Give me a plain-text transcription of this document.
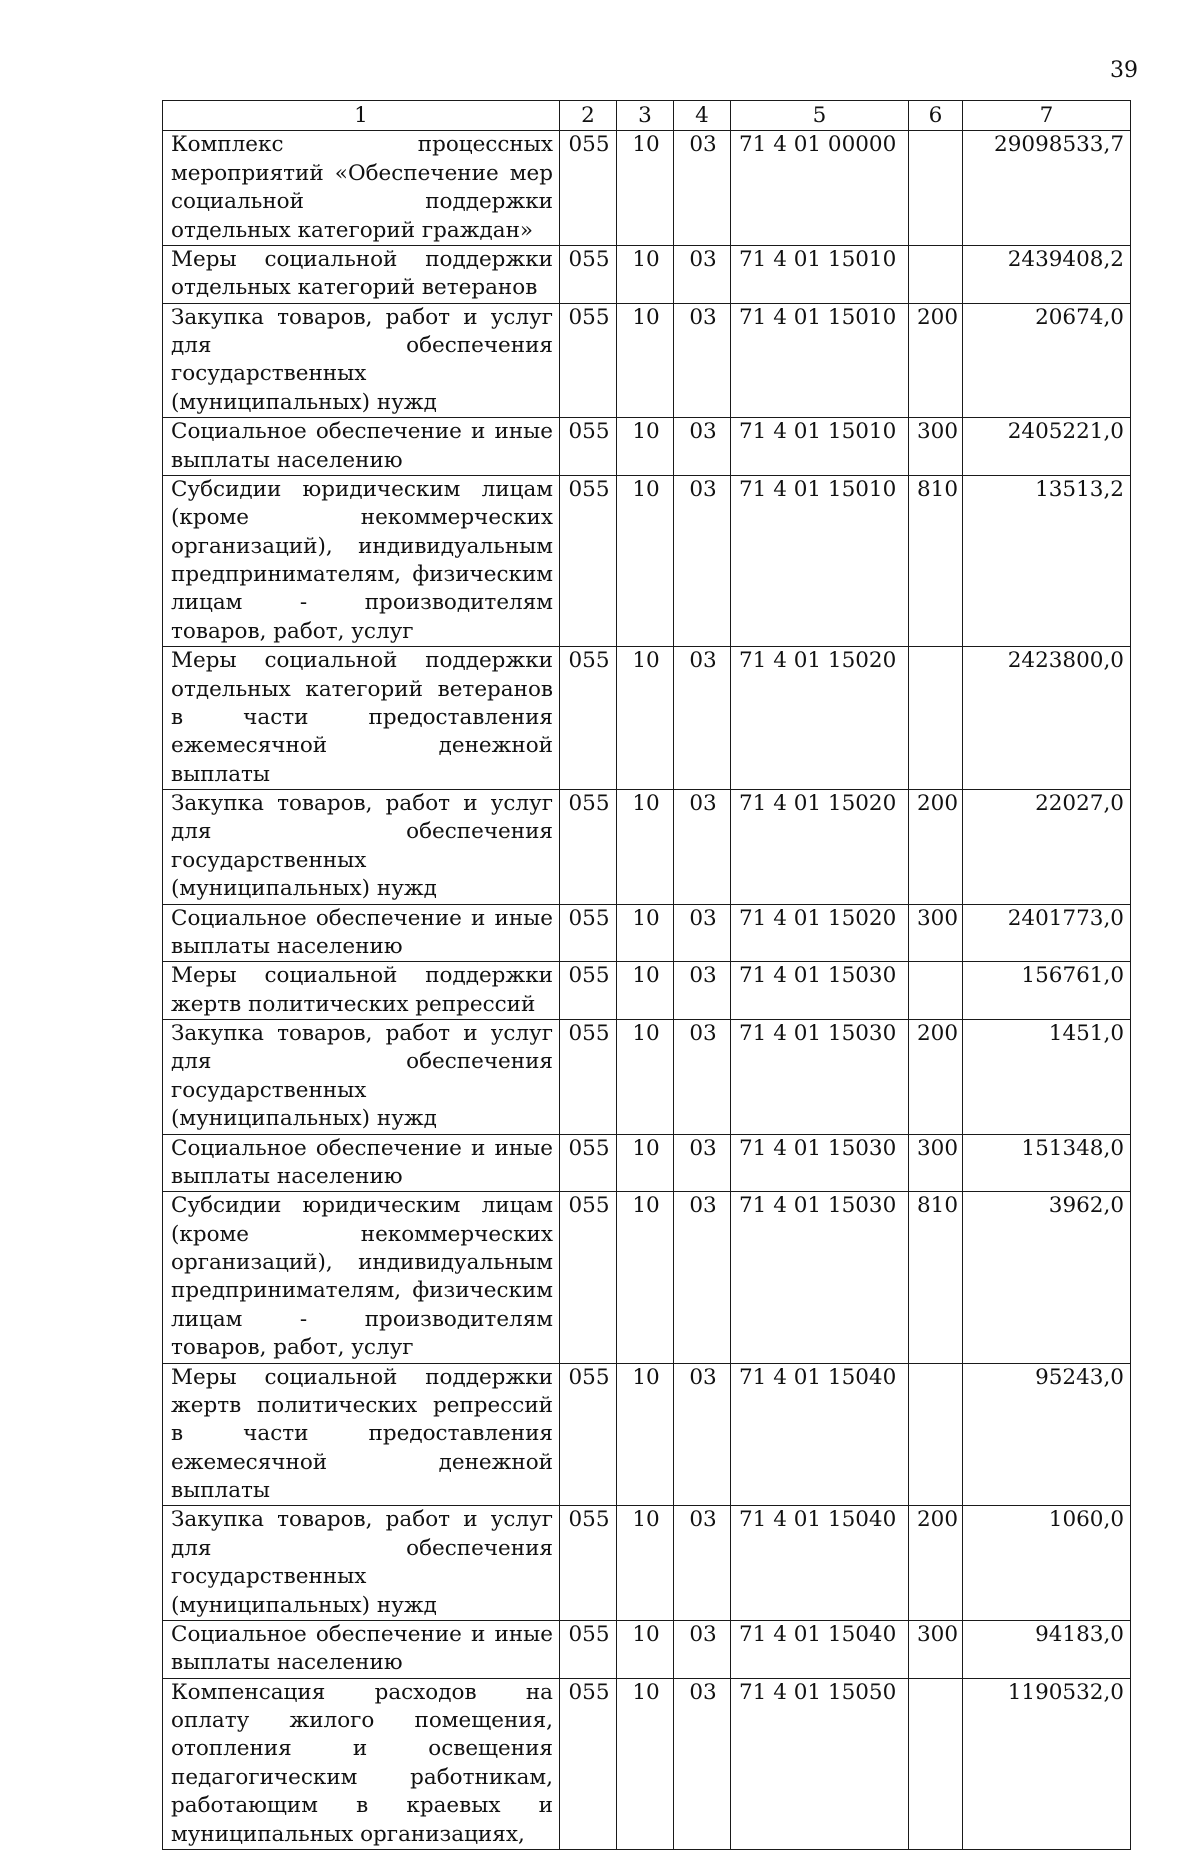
39
1	2	3	4	5	6	7
Комплекс процессных мероприятий «Обеспечение мер социальной поддержки отдельных категорий граждан»	055	10	03	71 4 01 00000		29098533,7
Меры социальной поддержки отдельных категорий ветеранов	055	10	03	71 4 01 15010		2439408,2
Закупка товаров, работ и услуг для обеспечения государственных (муниципальных) нужд	055	10	03	71 4 01 15010	200	20674,0
Социальное обеспечение и иные выплаты населению	055	10	03	71 4 01 15010	300	2405221,0
Субсидии юридическим лицам (кроме некоммерческих организаций), индивидуальным предпринимателям, физическим лицам - производителям товаров, работ, услуг	055	10	03	71 4 01 15010	810	13513,2
Меры социальной поддержки отдельных категорий ветеранов в части предоставления ежемесячной денежной выплаты	055	10	03	71 4 01 15020		2423800,0
Закупка товаров, работ и услуг для обеспечения государственных (муниципальных) нужд	055	10	03	71 4 01 15020	200	22027,0
Социальное обеспечение и иные выплаты населению	055	10	03	71 4 01 15020	300	2401773,0
Меры социальной поддержки жертв политических репрессий	055	10	03	71 4 01 15030		156761,0
Закупка товаров, работ и услуг для обеспечения государственных (муниципальных) нужд	055	10	03	71 4 01 15030	200	1451,0
Социальное обеспечение и иные выплаты населению	055	10	03	71 4 01 15030	300	151348,0
Субсидии юридическим лицам (кроме некоммерческих организаций), индивидуальным предпринимателям, физическим лицам - производителям товаров, работ, услуг	055	10	03	71 4 01 15030	810	3962,0
Меры социальной поддержки жертв политических репрессий в части предоставления ежемесячной денежной выплаты	055	10	03	71 4 01 15040		95243,0
Закупка товаров, работ и услуг для обеспечения государственных (муниципальных) нужд	055	10	03	71 4 01 15040	200	1060,0
Социальное обеспечение и иные выплаты населению	055	10	03	71 4 01 15040	300	94183,0
Компенсация расходов на оплату жилого помещения, отопления и освещения педагогическим работникам, работающим в краевых и муниципальных организациях,	055	10	03	71 4 01 15050		1190532,0
